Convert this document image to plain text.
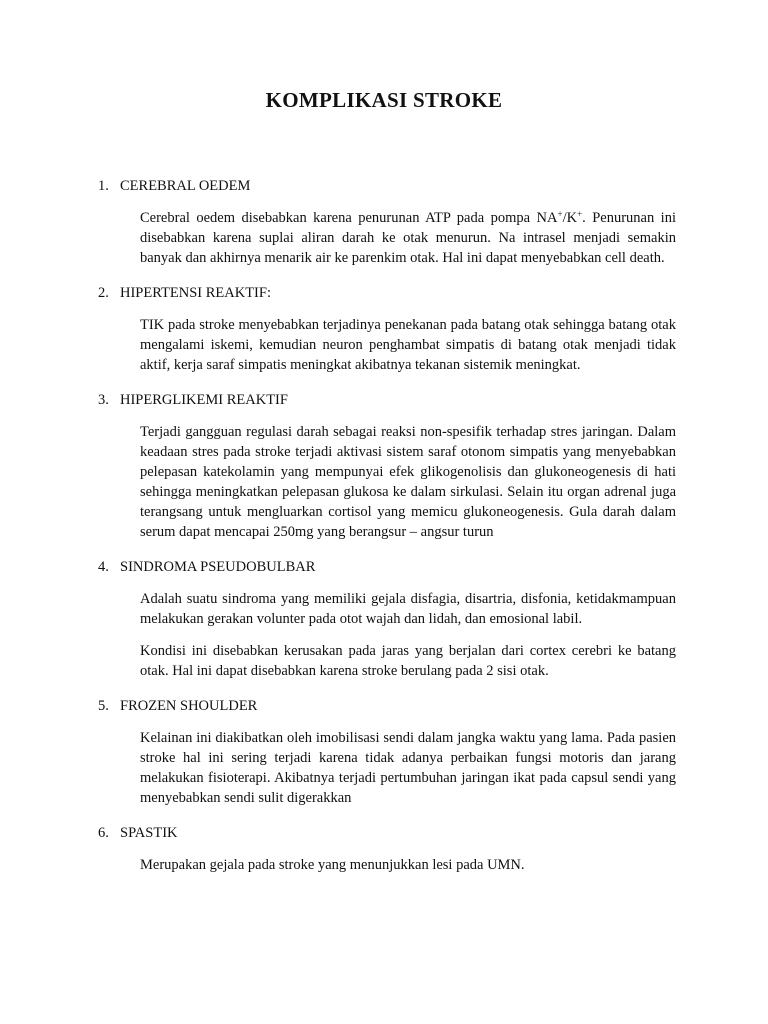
KOMPLIKASI STROKE
1. CEREBRAL OEDEM

Cerebral oedem disebabkan karena penurunan ATP pada pompa NA+/K+. Penurunan ini disebabkan karena suplai aliran darah ke otak menurun. Na intrasel menjadi semakin banyak dan akhirnya menarik air ke parenkim otak. Hal ini dapat menyebabkan cell death.

2. HIPERTENSI REAKTIF:

TIK pada stroke menyebabkan terjadinya penekanan pada batang otak sehingga batang otak mengalami iskemi, kemudian neuron penghambat simpatis di batang otak menjadi tidak aktif, kerja saraf simpatis meningkat akibatnya tekanan sistemik meningkat.

3. HIPERGLIKEMI REAKTIF

Terjadi gangguan regulasi darah sebagai reaksi non-spesifik terhadap stres jaringan. Dalam keadaan stres pada stroke terjadi aktivasi sistem saraf otonom simpatis yang menyebabkan pelepasan katekolamin yang mempunyai efek glikogenolisis dan glukoneogenesis di hati sehingga meningkatkan pelepasan glukosa ke dalam sirkulasi. Selain itu organ adrenal juga terangsang untuk mengluarkan cortisol yang memicu glukoneogenesis. Gula darah dalam serum dapat mencapai 250mg yang berangsur – angsur turun

4. SINDROMA PSEUDOBULBAR

Adalah suatu sindroma yang memiliki gejala disfagia, disartria, disfonia, ketidakmampuan melakukan gerakan volunter pada otot wajah dan lidah, dan emosional labil.

Kondisi ini disebabkan kerusakan pada jaras yang berjalan dari cortex cerebri ke batang otak. Hal ini dapat disebabkan karena stroke berulang pada 2 sisi otak.

5. FROZEN SHOULDER

Kelainan ini diakibatkan oleh imobilisasi sendi dalam jangka waktu yang lama. Pada pasien stroke hal ini sering terjadi karena tidak adanya perbaikan fungsi motoris dan jarang melakukan fisioterapi. Akibatnya terjadi pertumbuhan jaringan ikat pada capsul sendi yang menyebabkan sendi sulit digerakkan

6. SPASTIK

Merupakan gejala pada stroke yang menunjukkan lesi pada UMN.
